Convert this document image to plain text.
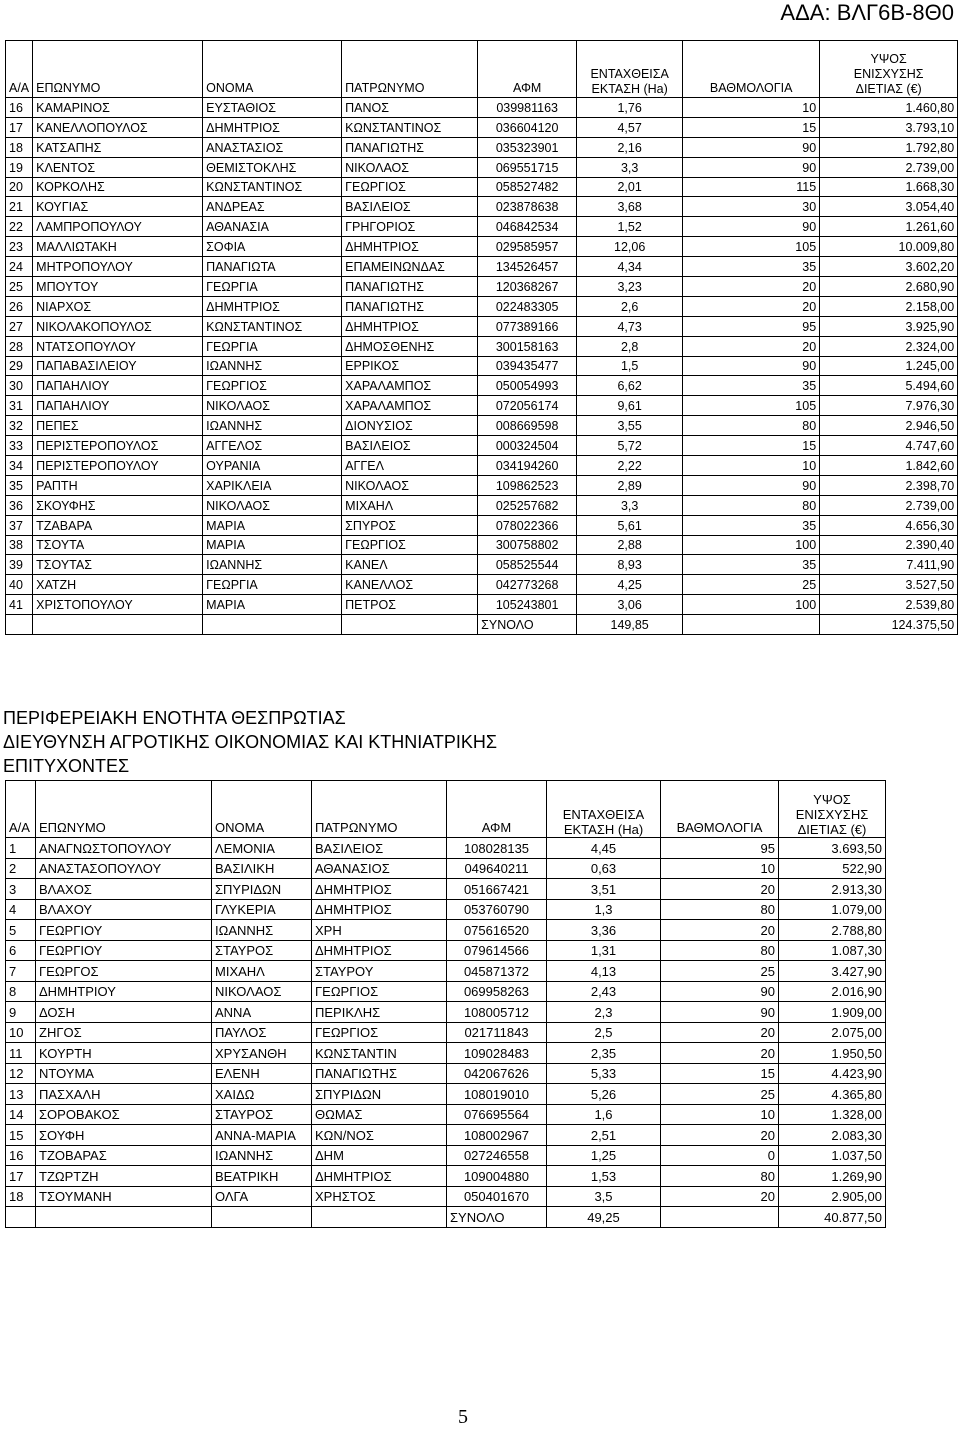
ΑΔΑ: ΒΛΓ6Β-8Θ0
Α/Α	ΕΠΩΝΥΜΟ	ΟΝΟΜΑ	ΠΑΤΡΩΝΥΜΟ	ΑΦΜ	ΕΝΤΑΧΘΕΙΣΑ
ΕΚΤΑΣΗ (Ha)	ΒΑΘΜΟΛΟΓΙΑ	ΥΨΟΣ
ΕΝΙΣΧΥΣΗΣ
ΔΙΕΤΙΑΣ (€)

16	ΚΑΜΑΡΙΝΟΣ	ΕΥΣΤΑΘΙΟΣ	ΠΑΝΟΣ	039981163	1,76	10	1.460,80
17	ΚΑΝΕΛΛΟΠΟΥΛΟΣ	ΔΗΜΗΤΡΙΟΣ	ΚΩΝΣΤΑΝΤΙΝΟΣ	036604120	4,57	15	3.793,10
18	ΚΑΤΣΑΠΗΣ	ΑΝΑΣΤΑΣΙΟΣ	ΠΑΝΑΓΙΩΤΗΣ	035323901	2,16	90	1.792,80
19	ΚΛΕΝΤΟΣ	ΘΕΜΙΣΤΟΚΛΗΣ	ΝΙΚΟΛΑΟΣ	069551715	3,3	90	2.739,00
20	ΚΟΡΚΟΛΗΣ	ΚΩΝΣΤΑΝΤΙΝΟΣ	ΓΕΩΡΓΙΟΣ	058527482	2,01	115	1.668,30
21	ΚΟΥΓΙΑΣ	ΑΝΔΡΕΑΣ	ΒΑΣΙΛΕΙΟΣ	023878638	3,68	30	3.054,40
22	ΛΑΜΠΡΟΠΟΥΛΟΥ	ΑΘΑΝΑΣΙΑ	ΓΡΗΓΟΡΙΟΣ	046842534	1,52	90	1.261,60
23	ΜΑΛΛΙΩΤΑΚΗ	ΣΟΦΙΑ	ΔΗΜΗΤΡΙΟΣ	029585957	12,06	105	10.009,80
24	ΜΗΤΡΟΠΟΥΛΟΥ	ΠΑΝΑΓΙΩΤΑ	ΕΠΑΜΕΙΝΩΝΔΑΣ	134526457	4,34	35	3.602,20
25	ΜΠΟΥΤΟΥ	ΓΕΩΡΓΙΑ	ΠΑΝΑΓΙΩΤΗΣ	120368267	3,23	20	2.680,90
26	ΝΙΑΡΧΟΣ	ΔΗΜΗΤΡΙΟΣ	ΠΑΝΑΓΙΩΤΗΣ	022483305	2,6	20	2.158,00
27	ΝΙΚΟΛΑΚΟΠΟΥΛΟΣ	ΚΩΝΣΤΑΝΤΙΝΟΣ	ΔΗΜΗΤΡΙΟΣ	077389166	4,73	95	3.925,90
28	ΝΤΑΤΣΟΠΟΥΛΟΥ	ΓΕΩΡΓΙΑ	ΔΗΜΟΣΘΕΝΗΣ	300158163	2,8	20	2.324,00
29	ΠΑΠΑΒΑΣΙΛΕΙΟΥ	ΙΩΑΝΝΗΣ	ΕΡΡΙΚΟΣ	039435477	1,5	90	1.245,00
30	ΠΑΠΑΗΛΙΟΥ	ΓΕΩΡΓΙΟΣ	ΧΑΡΑΛΑΜΠΟΣ	050054993	6,62	35	5.494,60
31	ΠΑΠΑΗΛΙΟΥ	ΝΙΚΟΛΑΟΣ	ΧΑΡΑΛΑΜΠΟΣ	072056174	9,61	105	7.976,30
32	ΠΕΠΕΣ	ΙΩΑΝΝΗΣ	ΔΙΟΝΥΣΙΟΣ	008669598	3,55	80	2.946,50
33	ΠΕΡΙΣΤΕΡΟΠΟΥΛΟΣ	ΑΓΓΕΛΟΣ	ΒΑΣΙΛΕΙΟΣ	000324504	5,72	15	4.747,60
34	ΠΕΡΙΣΤΕΡΟΠΟΥΛΟΥ	ΟΥΡΑΝΙΑ	ΑΓΓΕΛ	034194260	2,22	10	1.842,60
35	ΡΑΠΤΗ	ΧΑΡΙΚΛΕΙΑ	ΝΙΚΟΛΑΟΣ	109862523	2,89	90	2.398,70
36	ΣΚΟΥΦΗΣ	ΝΙΚΟΛΑΟΣ	ΜΙΧΑΗΛ	025257682	3,3	80	2.739,00
37	ΤΖΑΒΑΡΑ	ΜΑΡΙΑ	ΣΠΥΡΟΣ	078022366	5,61	35	4.656,30
38	ΤΣΟΥΤΑ	ΜΑΡΙΑ	ΓΕΩΡΓΙΟΣ	300758802	2,88	100	2.390,40
39	ΤΣΟΥΤΑΣ	ΙΩΑΝΝΗΣ	ΚΑΝΕΛ	058525544	8,93	35	7.411,90
40	ΧΑΤΖΗ	ΓΕΩΡΓΙΑ	ΚΑΝΕΛΛΟΣ	042773268	4,25	25	3.527,50
41	ΧΡΙΣΤΟΠΟΥΛΟΥ	ΜΑΡΙΑ	ΠΕΤΡΟΣ	105243801	3,06	100	2.539,80
				ΣΥΝΟΛΟ	149,85		124.375,50
ΠΕΡΙΦΕΡΕΙΑΚΗ ΕΝΟΤΗΤΑ ΘΕΣΠΡΩΤΙΑΣ
ΔΙΕΥΘΥΝΣΗ ΑΓΡΟΤΙΚΗΣ ΟΙΚΟΝΟΜΙΑΣ ΚΑΙ ΚΤΗΝΙΑΤΡΙΚΗΣ
ΕΠΙΤΥΧΟΝΤΕΣ
Α/Α	ΕΠΩΝΥΜΟ	ΟΝΟΜΑ	ΠΑΤΡΩΝΥΜΟ	ΑΦΜ	ΕΝΤΑΧΘΕΙΣΑ
ΕΚΤΑΣΗ (Ha)	ΒΑΘΜΟΛΟΓΙΑ	ΥΨΟΣ
ΕΝΙΣΧΥΣΗΣ
ΔΙΕΤΙΑΣ (€)

1	ΑΝΑΓΝΩΣΤΟΠΟΥΛΟΥ	ΛΕΜΟΝΙΑ	ΒΑΣΙΛΕΙΟΣ	108028135	4,45	95	3.693,50
2	ΑΝΑΣΤΑΣΟΠΟΥΛΟΥ	ΒΑΣΙΛΙΚΗ	ΑΘΑΝΑΣΙΟΣ	049640211	0,63	10	522,90
3	ΒΛΑΧΟΣ	ΣΠΥΡΙΔΩΝ	ΔΗΜΗΤΡΙΟΣ	051667421	3,51	20	2.913,30
4	ΒΛΑΧΟΥ	ΓΛΥΚΕΡΙΑ	ΔΗΜΗΤΡΙΟΣ	053760790	1,3	80	1.079,00
5	ΓΕΩΡΓΙΟΥ	ΙΩΑΝΝΗΣ	ΧΡΗ	075616520	3,36	20	2.788,80
6	ΓΕΩΡΓΙΟΥ	ΣΤΑΥΡΟΣ	ΔΗΜΗΤΡΙΟΣ	079614566	1,31	80	1.087,30
7	ΓΕΩΡΓΟΣ	ΜΙΧΑΗΛ	ΣΤΑΥΡΟΥ	045871372	4,13	25	3.427,90
8	ΔΗΜΗΤΡΙΟΥ	ΝΙΚΟΛΑΟΣ	ΓΕΩΡΓΙΟΣ	069958263	2,43	90	2.016,90
9	ΔΟΣΗ	ΑΝΝΑ	ΠΕΡΙΚΛΗΣ	108005712	2,3	90	1.909,00
10	ΖΗΓΟΣ	ΠΑΥΛΟΣ	ΓΕΩΡΓΙΟΣ	021711843	2,5	20	2.075,00
11	ΚΟΥΡΤΗ	ΧΡΥΣΑΝΘΗ	ΚΩΝΣΤΑΝΤΙΝ	109028483	2,35	20	1.950,50
12	ΝΤΟΥΜΑ	ΕΛΕΝΗ	ΠΑΝΑΓΙΩΤΗΣ	042067626	5,33	15	4.423,90
13	ΠΑΣΧΑΛΗ	ΧΑΙΔΩ	ΣΠΥΡΙΔΩΝ	108019010	5,26	25	4.365,80
14	ΣΟΡΟΒΑΚΟΣ	ΣΤΑΥΡΟΣ	ΘΩΜΑΣ	076695564	1,6	10	1.328,00
15	ΣΟΥΦΗ	ΑΝΝΑ-ΜΑΡΙΑ	ΚΩΝ/ΝΟΣ	108002967	2,51	20	2.083,30
16	ΤΖΟΒΑΡΑΣ	ΙΩΑΝΝΗΣ	ΔΗΜ	027246558	1,25	0	1.037,50
17	ΤΖΩΡΤΖΗ	ΒΕΑΤΡΙΚΗ	ΔΗΜΗΤΡΙΟΣ	109004880	1,53	80	1.269,90
18	ΤΣΟΥΜΑΝΗ	ΟΛΓΑ	ΧΡΗΣΤΟΣ	050401670	3,5	20	2.905,00
				ΣΥΝΟΛΟ	49,25		40.877,50
5
